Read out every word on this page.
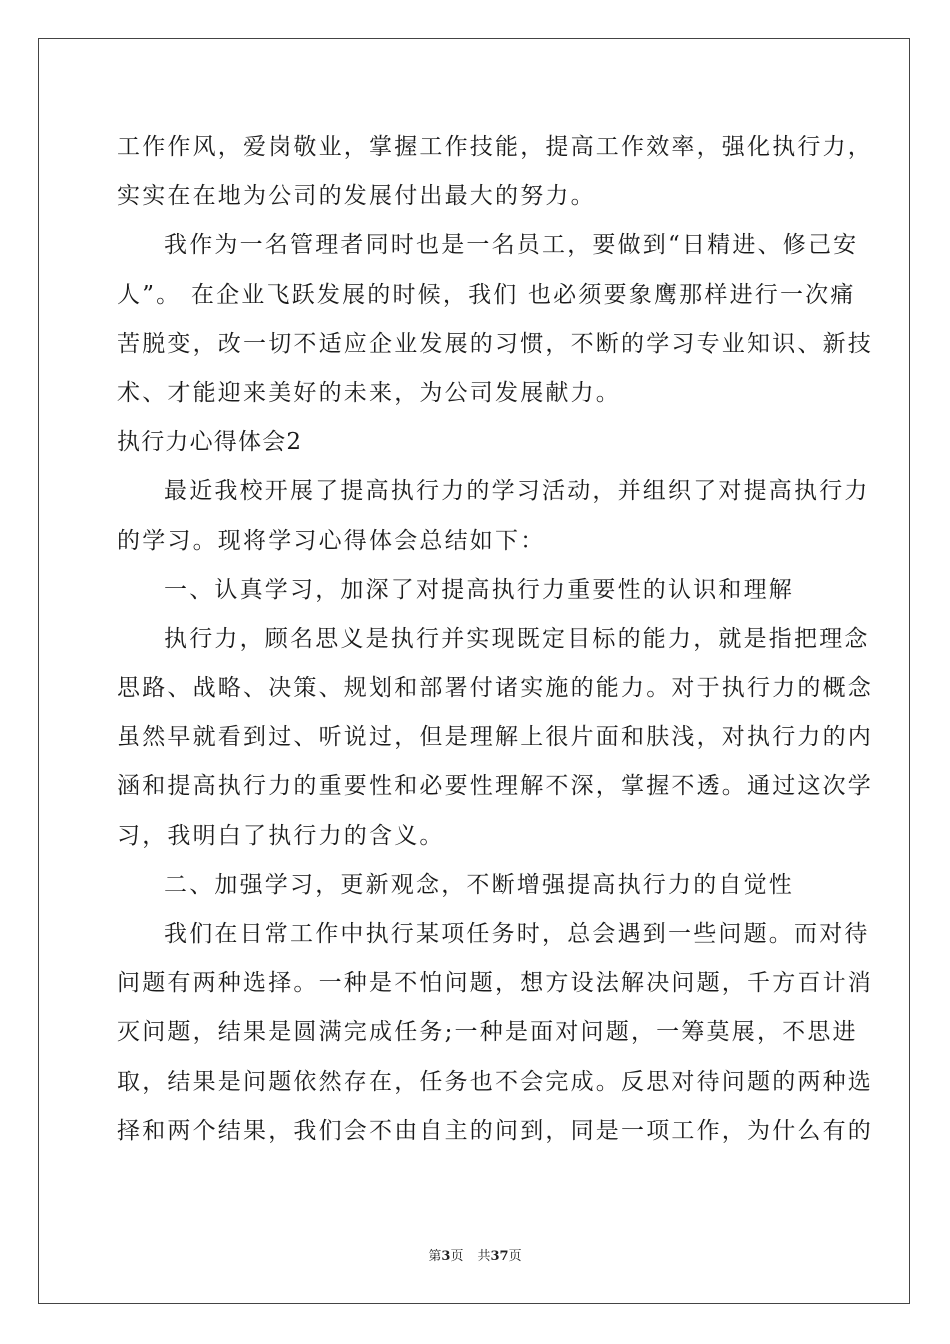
工作作风，爱岗敬业，掌握工作技能，提高工作效率，强化执行力，
实实在在地为公司的发展付出最大的努力。
我作为一名管理者同时也是一名员工，要做到“日精进、修己安
人”。 在企业飞跃发展的时候，我们 也必须要象鹰那样进行一次痛
苦脱变，改一切不适应企业发展的习惯，不断的学习专业知识、新技
术、才能迎来美好的未来，为公司发展献力。
执行力心得体会2
最近我校开展了提高执行力的学习活动，并组织了对提高执行力
的学习。现将学习心得体会总结如下：
一、认真学习，加深了对提高执行力重要性的认识和理解
执行力，顾名思义是执行并实现既定目标的能力，就是指把理念
思路、战略、决策、规划和部署付诸实施的能力。对于执行力的概念
虽然早就看到过、听说过，但是理解上很片面和肤浅，对执行力的内
涵和提高执行力的重要性和必要性理解不深，掌握不透。通过这次学
习，我明白了执行力的含义。
二、加强学习，更新观念，不断增强提高执行力的自觉性
我们在日常工作中执行某项任务时，总会遇到一些问题。而对待
问题有两种选择。一种是不怕问题，想方设法解决问题，千方百计消
灭问题，结果是圆满完成任务;一种是面对问题，一筹莫展，不思进
取，结果是问题依然存在，任务也不会完成。反思对待问题的两种选
择和两个结果，我们会不由自主的问到，同是一项工作，为什么有的
第3页 共37页
